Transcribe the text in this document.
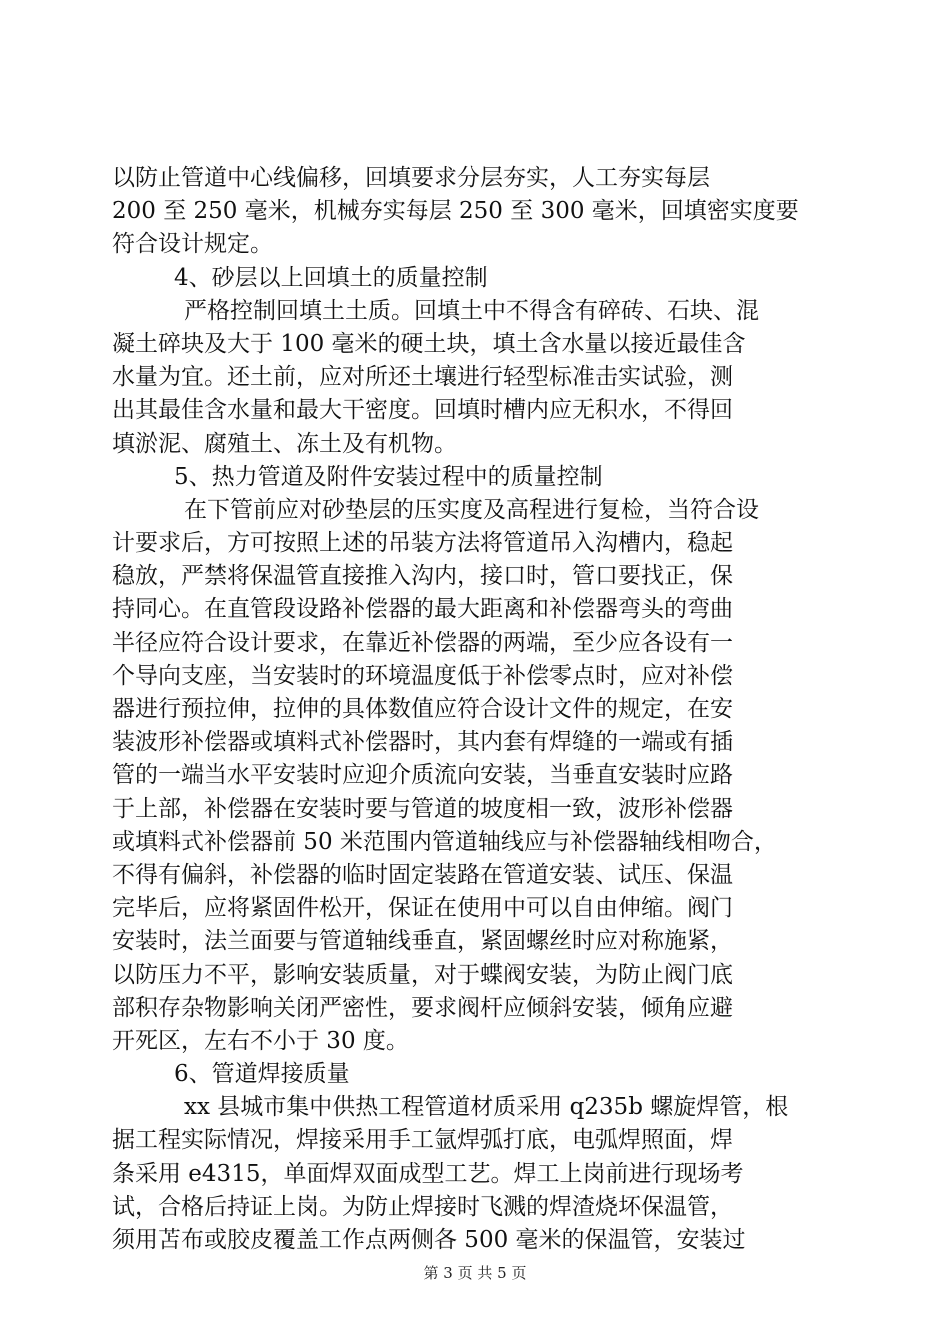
以防止管道中心线偏移，回填要求分层夯实，人工夯实每层
200 至 250 毫米，机械夯实每层 250 至 300 毫米，回填密实度要
符合设计规定。
4、砂层以上回填土的质量控制
严格控制回填土土质。回填土中不得含有碎砖、石块、混
凝土碎块及大于 100 毫米的硬土块，填土含水量以接近最佳含
水量为宜。还土前，应对所还土壤进行轻型标准击实试验，测
出其最佳含水量和最大干密度。回填时槽内应无积水，不得回
填淤泥、腐殖土、冻土及有机物。
5、热力管道及附件安装过程中的质量控制
在下管前应对砂垫层的压实度及高程进行复检，当符合设
计要求后，方可按照上述的吊装方法将管道吊入沟槽内，稳起
稳放，严禁将保温管直接推入沟内，接口时，管口要找正，保
持同心。在直管段设路补偿器的最大距离和补偿器弯头的弯曲
半径应符合设计要求，在靠近补偿器的两端，至少应各设有一
个导向支座，当安装时的环境温度低于补偿零点时，应对补偿
器进行预拉伸，拉伸的具体数值应符合设计文件的规定，在安
装波形补偿器或填料式补偿器时，其内套有焊缝的一端或有插
管的一端当水平安装时应迎介质流向安装，当垂直安装时应路
于上部，补偿器在安装时要与管道的坡度相一致，波形补偿器
或填料式补偿器前 50 米范围内管道轴线应与补偿器轴线相吻合，
不得有偏斜，补偿器的临时固定装路在管道安装、试压、保温
完毕后，应将紧固件松开，保证在使用中可以自由伸缩。阀门
安装时，法兰面要与管道轴线垂直，紧固螺丝时应对称施紧，
以防压力不平，影响安装质量，对于蝶阀安装，为防止阀门底
部积存杂物影响关闭严密性，要求阀杆应倾斜安装，倾角应避
开死区，左右不小于 30 度。
6、管道焊接质量
xx 县城市集中供热工程管道材质采用 q235b 螺旋焊管，根
据工程实际情况，焊接采用手工氩焊弧打底，电弧焊照面，焊
条采用 e4315，单面焊双面成型工艺。焊工上岗前进行现场考
试，合格后持证上岗。为防止焊接时飞溅的焊渣烧坏保温管，
须用苫布或胶皮覆盖工作点两侧各 500 毫米的保温管，安装过
第 3 页 共 5 页
